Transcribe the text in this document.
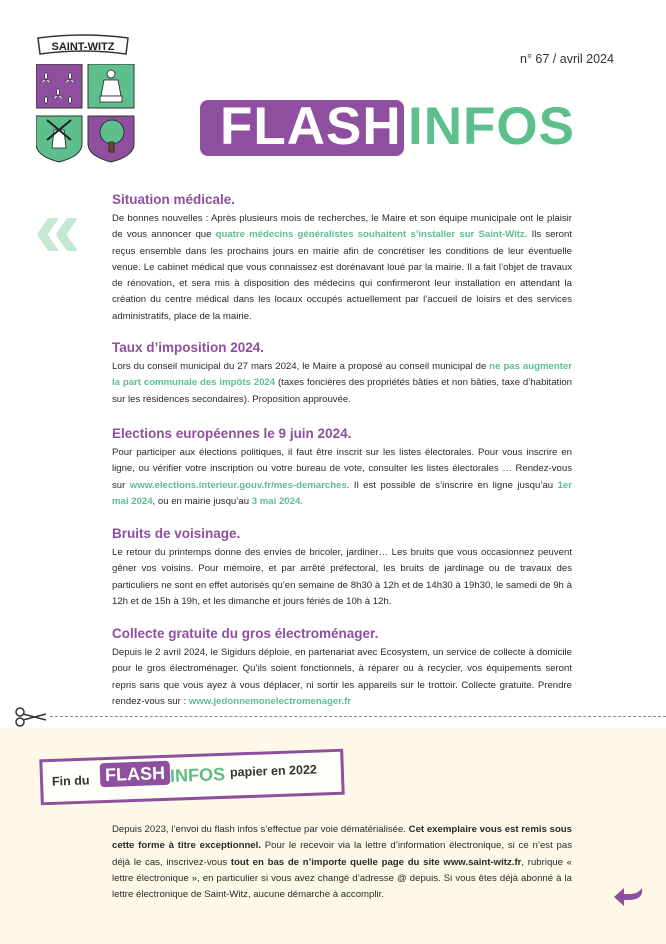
SAINT-WITZ
n° 67 / avril 2024
FLASH INFOS
«	Situation médicale.

De bonnes nouvelles : Après plusieurs mois de recherches, le Maire et son équipe municipale ont le plaisir de vous annoncer que quatre médecins généralistes souhaitent s’installer sur Saint-Witz. Ils seront reçus ensemble dans les prochains jours en mairie afin de concrétiser les conditions de leur éventuelle venue. Le cabinet médical que vous connaissez est dorénavant loué par la mairie. Il a fait l’objet de travaux de rénovation, et sera mis à disposition des médecins qui confirmeront leur installation en attendant la création du centre médical dans les locaux occupés actuellement par l’accueil de loisirs et des services administratifs, place de la mairie.

Taux d’imposition 2024.

Lors du conseil municipal du 27 mars 2024, le Maire a proposé au conseil municipal de ne pas augmenter la part communale des impôts 2024 (taxes foncières des propriétés bâties et non bâties, taxe d’habitation sur les résidences secondaires). Proposition approuvée.

Elections européennes le 9 juin 2024.

Pour participer aux élections politiques, il faut être inscrit sur les listes électorales. Pour vous inscrire en ligne, ou vérifier votre inscription ou votre bureau de vote, consulter les listes électorales … Rendez-vous sur www.elections.interieur.gouv.fr/mes-demarches. Il est possible de s’inscrire en ligne jusqu’au 1er mai 2024, ou en mairie jusqu’au 3 mai 2024.

Bruits de voisinage.

Le retour du printemps donne des envies de bricoler, jardiner… Les bruits que vous occasionnez peuvent gêner vos voisins. Pour mémoire, et par arrêté préfectoral, les bruits de jardinage ou de travaux des particuliers ne sont en effet autorisés qu’en semaine de 8h30 à 12h et de 14h30 à 19h30, le samedi de 9h à 12h et de 15h à 19h, et les dimanche et jours fériés de 10h à 12h.

Collecte gratuite du gros électroménager.

Depuis le 2 avril 2024, le Sigidurs déploie, en partenariat avec Ecosystem, un service de collecte à domicile pour le gros électroménager. Qu’ils soient fonctionnels, à réparer ou à recycler, vos équipements seront repris sans que vous ayez à vous déplacer, ni sortir les appareils sur le trottoir. Collecte gratuite. Prendre rendez-vous sur : www.jedonnemonelectromenager.fr

Fin du FLASH INFOS papier en 2022
Depuis 2023, l’envoi du flash infos s’effectue par voie dématérialisée. Cet exemplaire vous est remis sous cette forme à titre exceptionnel. Pour le recevoir via la lettre d’information électronique, si ce n’est pas déjà le cas, inscrivez-vous tout en bas de n’importe quelle page du site www.saint-witz.fr, rubrique « lettre électronique », en particulier si vous avez changé d’adresse @ depuis. Si vous êtes déjà abonné à la lettre électronique de Saint-Witz, aucune démarche à accomplir.
